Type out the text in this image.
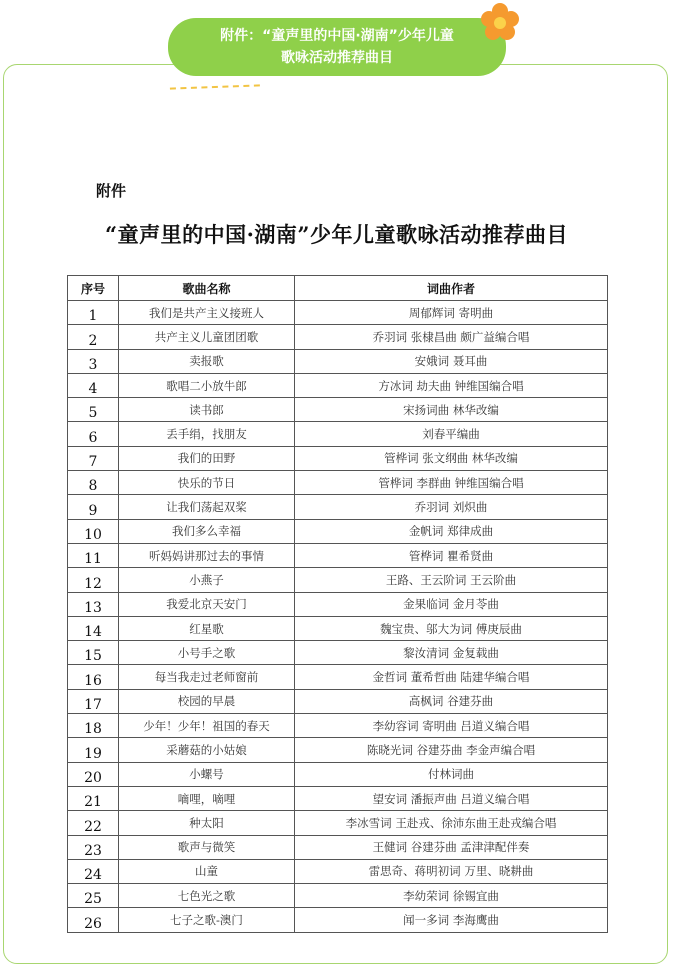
附件：“童声里的中国·湖南”少年儿童
歌咏活动推荐曲目
附件
“童声里的中国·湖南”少年儿童歌咏活动推荐曲目
序号	歌曲名称	词曲作者
1	我们是共产主义接班人	周郁辉词 寄明曲
2	共产主义儿童团团歌	乔羽词 张棣昌曲 颇广益编合唱
3	卖报歌	安娥词 聂耳曲
4	歌唱二小放牛郎	方冰词 劫夫曲 钟维国编合唱
5	读书郎	宋扬词曲 林华改编
6	丢手绢，找朋友	刘春平编曲
7	我们的田野	管桦词 张文纲曲 林华改编
8	快乐的节日	管桦词 李群曲 钟维国编合唱
9	让我们荡起双桨	乔羽词 刘炽曲
10	我们多么幸福	金帆词 郑律成曲
11	听妈妈讲那过去的事情	管桦词 瞿希贤曲
12	小燕子	王路、王云阶词 王云阶曲
13	我爱北京天安门	金果临词 金月苓曲
14	红星歌	魏宝贵、邬大为词 傅庚辰曲
15	小号手之歌	黎汝清词 金复载曲
16	每当我走过老师窗前	金哲词 董希哲曲 陆建华编合唱
17	校园的早晨	高枫词 谷建芬曲
18	少年！少年！祖国的春天	李幼容词 寄明曲 吕道义编合唱
19	采蘑菇的小姑娘	陈晓光词 谷建芬曲 李金声编合唱
20	小螺号	付林词曲
21	嘀哩，嘀哩	望安词 潘振声曲 吕道义编合唱
22	种太阳	李冰雪词 王赴戎、徐沛东曲王赴戎编合唱
23	歌声与微笑	王健词 谷建芬曲 孟津津配伴奏
24	山童	雷思奇、蒋明初词 万里、晓耕曲
25	七色光之歌	李幼荣词 徐锡宜曲
26	七子之歌-澳门	闻一多词 李海鹰曲
